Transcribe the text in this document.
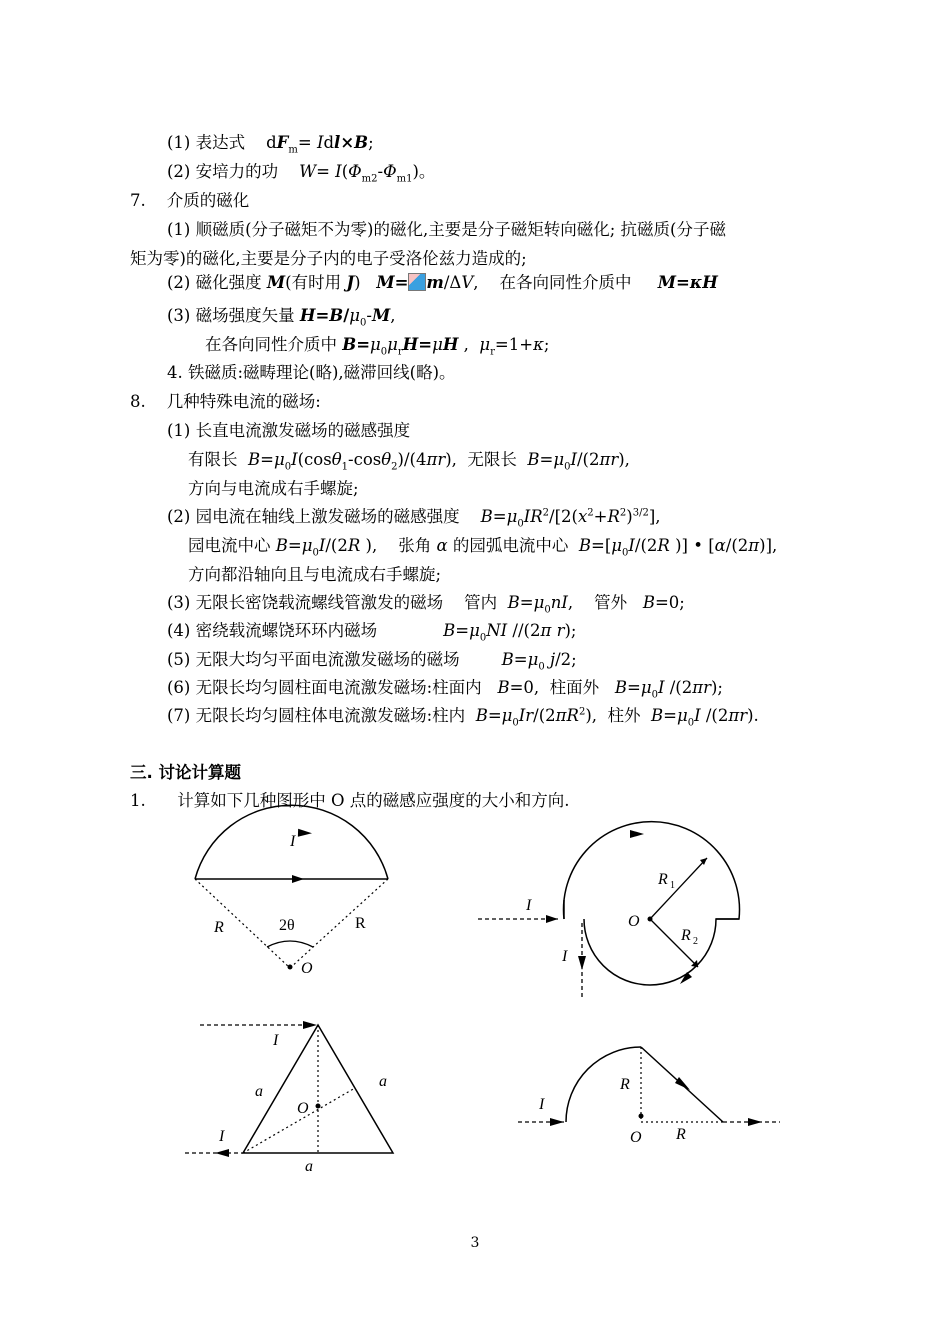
(1) 表达式    $dF_m= Idl\times B$;
(2) 安培力的功 $W= I(\Phi_{m2}-\Phi_{m1})$。
7. 介质的磁化
(1) 顺磁质(分子磁矩不为零)的磁化,主要是分子磁矩转向磁化; 抗磁质(分子磁
矩为零)的磁化,主要是分子内的电子受洛伦兹力造成的;
(2) 磁化强度 M(有时用 J)   M= m/ΔV,    在各向同性介质中 M=κH
(3) 磁场强度矢量 $H=B/\mu_0-M$,
在各向同性介质中 $B=\mu_0\mu_rH=\mu H$ ,  $\mu_r=1+\kappa$;
4. 铁磁质:磁畴理论(略),磁滞回线(略)。
8. 几种特殊电流的磁场:
(1) 长直电流激发磁场的磁感强度
有限长 $B=\mu_0I(\cos\theta_1-\cos\theta_2)/(4\pi r)$,  无限长 $B=\mu_0I/(2\pi r)$,
方向与电流成右手螺旋;
(2) 园电流在轴线上激发磁场的磁感强度 $B=\mu_0IR^2/[2(x^2+R^2)^{3/2}]$,
园电流中心 $B=\mu_0I/(2R$ ),    张角 α 的园弧电流中心 $B=[\mu_0I/(2R$ )] • [α/(2π)],
方向都沿轴向且与电流成右手螺旋;
(3) 无限长密饶载流螺线管激发的磁场 管内 $B=\mu_0nI$,    管外 B=0;
(4) 密绕载流螺饶环环内磁场	$B=\mu_0NI$ //(2π r);
(5) 无限大均匀平面电流激发磁场的磁场	$B=\mu_0$ j/2;
(6) 无限长均匀圆柱面电流激发磁场:柱面内 B=0,  柱面外 $B=\mu_0I$ /(2πr);
(7) 无限长均匀圆柱体电流激发磁场:柱内 $B=\mu_0Ir/(2\pi R^2)$,  柱外 $B=\mu_0I$ /(2πr).
三. 讨论计算题
1. 计算如下几种图形中 O 点的磁感应强度的大小和方向.
I
R	R
2θ
O
I
I
O
R 1
R 2
I
I
a
a
a
O	I
R
R
O
3
